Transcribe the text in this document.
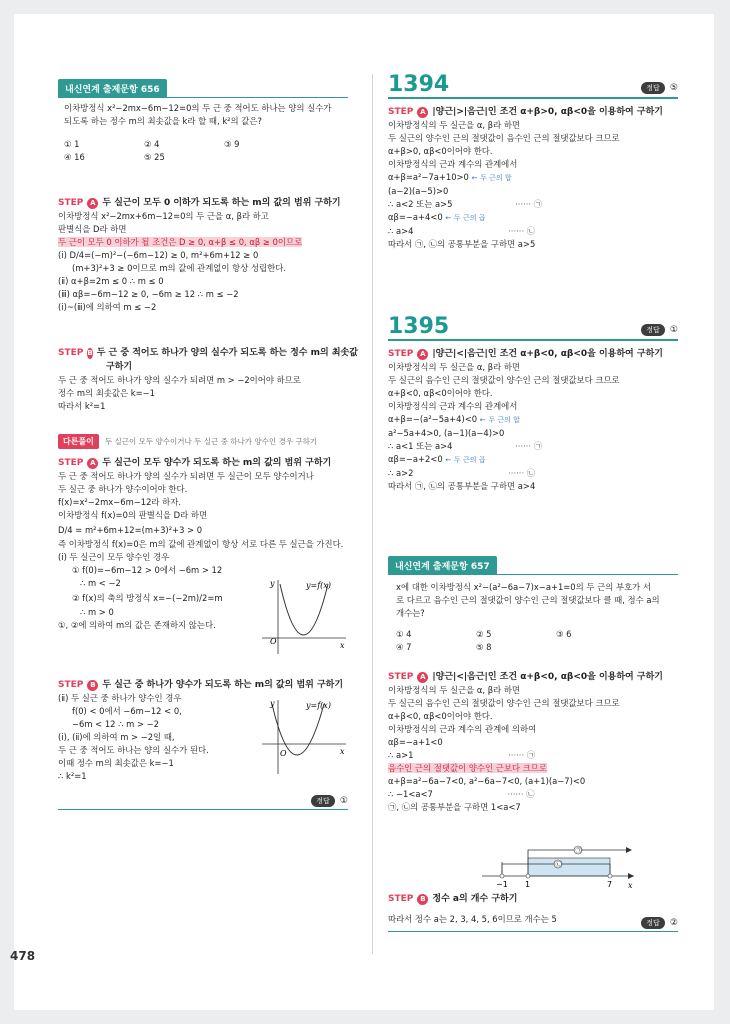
내신연계 출제문항 656
이차방정식 x²−2mx−6m−12=0의 두 근 중 적어도 하나는 양의 실수가
되도록 하는 정수 m의 최솟값을 k라 할 때, k²의 값은?
① 1	② 4	③ 9
④ 16	⑤ 25
STEP A 두 실근이 모두 0 이하가 되도록 하는 m의 값의 범위 구하기
이차방정식 x²−2mx+6m−12=0의 두 근을 α, β라 하고
판별식을 D라 하면
두 근이 모두 0 이하가 될 조건은 D ≥ 0, α+β ≤ 0, αβ ≥ 0이므로
(ⅰ) D/4=(−m)²−(−6m−12) ≥ 0, m²+6m+12 ≥ 0
(m+3)²+3 ≥ 0이므로 m의 값에 관계없이 항상 성립한다.
(ⅱ) α+β=2m ≤ 0 ∴ m ≤ 0
(ⅲ) αβ=−6m−12 ≥ 0, −6m ≥ 12 ∴ m ≤ −2
(ⅰ)~(ⅲ)에 의하여 m ≤ −2
STEP B 두 근 중 적어도 하나가 양의 실수가 되도록 하는 정수 m의 최솟값
구하기
두 근 중 적어도 하나가 양의 실수가 되려면 m > −2이어야 하므로
정수 m의 최솟값은 k=−1
따라서 k²=1
다른풀이	두 실근이 모두 양수이거나 두 실근 중 하나가 양수인 경우 구하기
STEP A 두 실근이 모두 양수가 되도록 하는 m의 값의 범위 구하기
두 근 중 적어도 하나가 양의 실수가 되려면 두 실근이 모두 양수이거나
두 실근 중 하나가 양수이어야 한다.
f(x)=x²−2mx−6m−12라 하자.
이차방정식 f(x)=0의 판별식을 D라 하면
D/4 = m²+6m+12=(m+3)²+3 > 0
즉 이차방정식 f(x)=0은 m의 값에 관계없이 항상 서로 다른 두 실근을 가진다.
(ⅰ) 두 실근이 모두 양수인 경우
① f(0)=−6m−12 > 0에서 −6m > 12
∴ m < −2
② f(x)의 축의 방정식 x=−(−2m)/2=m
∴ m > 0
①, ②에 의하여 m의 값은 존재하지 않는다.
O	x
y	y=f(x)
STEP B 두 실근 중 하나가 양수가 되도록 하는 m의 값의 범위 구하기
(ⅱ) 두 실근 중 하나가 양수인 경우
f(0) < 0에서 −6m−12 < 0,
−6m < 12 ∴ m > −2
(ⅰ), (ⅱ)에 의하여 m > −2일 때,
두 근 중 적어도 하나는 양의 실수가 된다.
이때 정수 m의 최솟값은 k=−1
∴ k²=1
O	x
y	y=f(x)
정답 ①
1394	정답 ⑤
STEP A |양근|>|음근|인 조건 α+β>0, αβ<0을 이용하여 구하기
이차방정식의 두 실근을 α, β라 하면
두 실근의 양수인 근의 절댓값이 음수인 근의 절댓값보다 크므로
α+β>0, αβ<0이어야 한다.
이차방정식의 근과 계수의 관계에서
α+β=a²−7a+10>0 ← 두 근의 합
(a−2)(a−5)>0
∴ a<2 또는 a>5	······ ㉠
αβ=−a+4<0 ← 두 근의 곱
∴ a>4	······ ㉡
따라서 ㉠, ㉡의 공통부분을 구하면 a>5
1395	정답 ①
STEP A |양근|<|음근|인 조건 α+β<0, αβ<0을 이용하여 구하기
이차방정식의 두 실근을 α, β라 하면
두 실근의 음수인 근의 절댓값이 양수인 근의 절댓값보다 크므로
α+β<0, αβ<0이어야 한다.
이차방정식의 근과 계수의 관계에서
α+β=−(a²−5a+4)<0 ← 두 근의 합
a²−5a+4>0, (a−1)(a−4)>0
∴ a<1 또는 a>4	······ ㉠
αβ=−a+2<0 ← 두 근의 곱
∴ a>2	······ ㉡
따라서 ㉠, ㉡의 공통부분을 구하면 a>4
내신연계 출제문항 657
x에 대한 이차방정식 x²−(a²−6a−7)x−a+1=0의 두 근의 부호가 서
로 다르고 음수인 근의 절댓값이 양수인 근의 절댓값보다 클 때, 정수 a의
개수는?
① 4	② 5	③ 6
④ 7	⑤ 8
STEP A |양근|<|음근|인 조건 α+β<0, αβ<0을 이용하여 구하기
이차방정식의 두 실근을 α, β라 하면
두 실근의 음수인 근의 절댓값이 양수인 근의 절댓값보다 크므로
α+β<0, αβ<0이어야 한다.
이차방정식의 근과 계수의 관계에 의하여
αβ=−a+1<0
∴ a>1	······ ㉠
음수인 근의 절댓값이 양수인 근보다 크므로
α+β=a²−6a−7<0, a²−6a−7<0, (a+1)(a−7)<0
∴ −1<a<7	······ ㉡
㉠, ㉡의 공통부분을 구하면 1<a<7
㉠
㉡
−1 1	7 x
STEP B 정수 a의 개수 구하기
따라서 정수 a는 2, 3, 4, 5, 6이므로 개수는 5	정답 ②
478
